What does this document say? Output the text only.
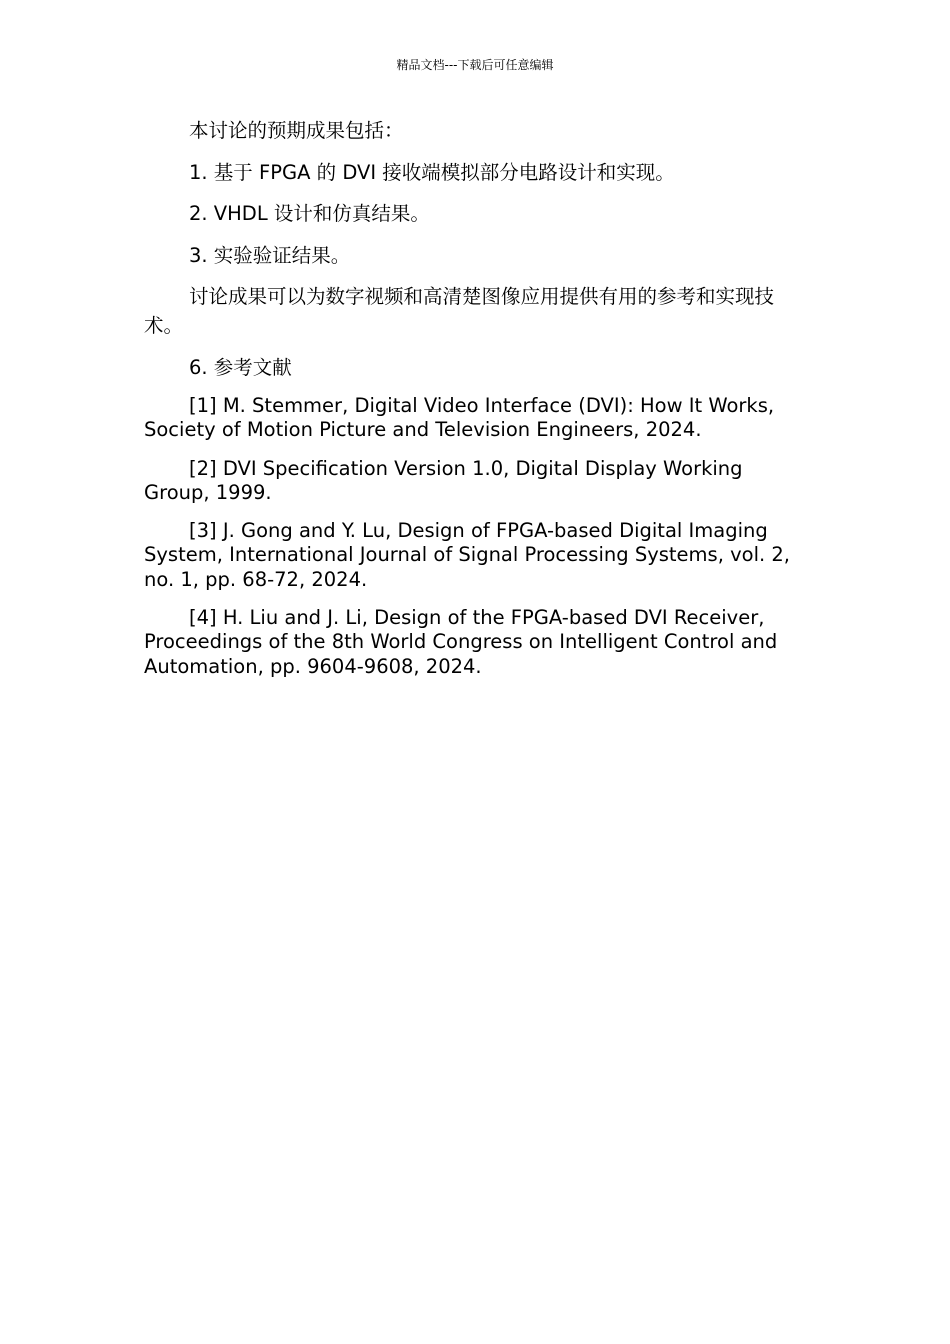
精品文档---下载后可任意编辑

本讨论的预期成果包括：

1. 基于 FPGA 的 DVI 接收端模拟部分电路设计和实现。

2. VHDL 设计和仿真结果。

3. 实验验证结果。

讨论成果可以为数字视频和高清楚图像应用提供有用的参考和实现技术。

6. 参考文献

[1] M. Stemmer, Digital Video Interface (DVI): How It Works, Society of Motion Picture and Television Engineers, 2024.

[2] DVI Specification Version 1.0, Digital Display Working Group, 1999.

[3] J. Gong and Y. Lu, Design of FPGA-based Digital Imaging System, International Journal of Signal Processing Systems, vol. 2, no. 1, pp. 68-72, 2024.

[4] H. Liu and J. Li, Design of the FPGA-based DVI Receiver, Proceedings of the 8th World Congress on Intelligent Control and Automation, pp. 9604-9608, 2024.
